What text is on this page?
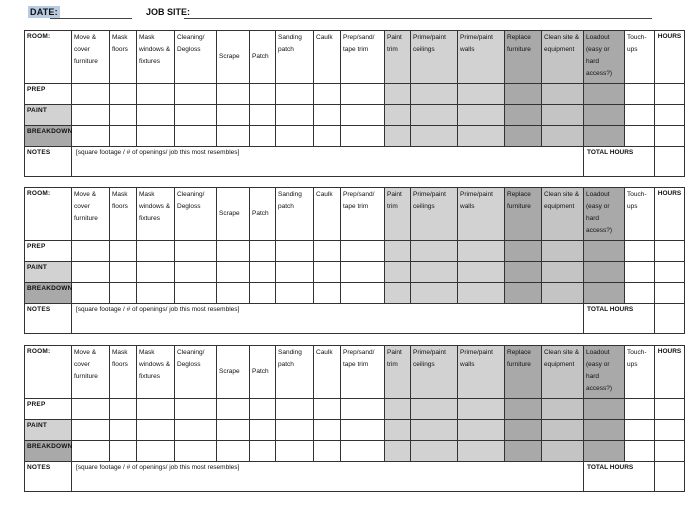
DATE:	JOB SITE:
ROOM:	Move & cover furniture	Mask floors	Mask windows & fixtures	Cleaning/ Degloss	Scrape	Patch	Sanding patch	Caulk	Prep/sand/ tape trim	Paint trim	Prime/paint ceilings	Prime/paint walls	Replace furniture	Clean site & equipment	Loadout (easy or hard access?)	Touch-ups	HOURS
PREP																	
PAINT																	
BREAKDOWN																	
NOTES	[square footage / # of openings/ job this most resembles]														TOTAL HOURS		
ROOM:	Move & cover furniture	Mask floors	Mask windows & fixtures	Cleaning/ Degloss	Scrape	Patch	Sanding patch	Caulk	Prep/sand/ tape trim	Paint trim	Prime/paint ceilings	Prime/paint walls	Replace furniture	Clean site & equipment	Loadout (easy or hard access?)	Touch-ups	HOURS
PREP																	
PAINT																	
BREAKDOWN																	
NOTES	[square footage / # of openings/ job this most resembles]														TOTAL HOURS		
ROOM:	Move & cover furniture	Mask floors	Mask windows & fixtures	Cleaning/ Degloss	Scrape	Patch	Sanding patch	Caulk	Prep/sand/ tape trim	Paint trim	Prime/paint ceilings	Prime/paint walls	Replace furniture	Clean site & equipment	Loadout (easy or hard access?)	Touch-ups	HOURS
PREP																	
PAINT																	
BREAKDOWN																	
NOTES	[square footage / # of openings/ job this most resembles]														TOTAL HOURS		
